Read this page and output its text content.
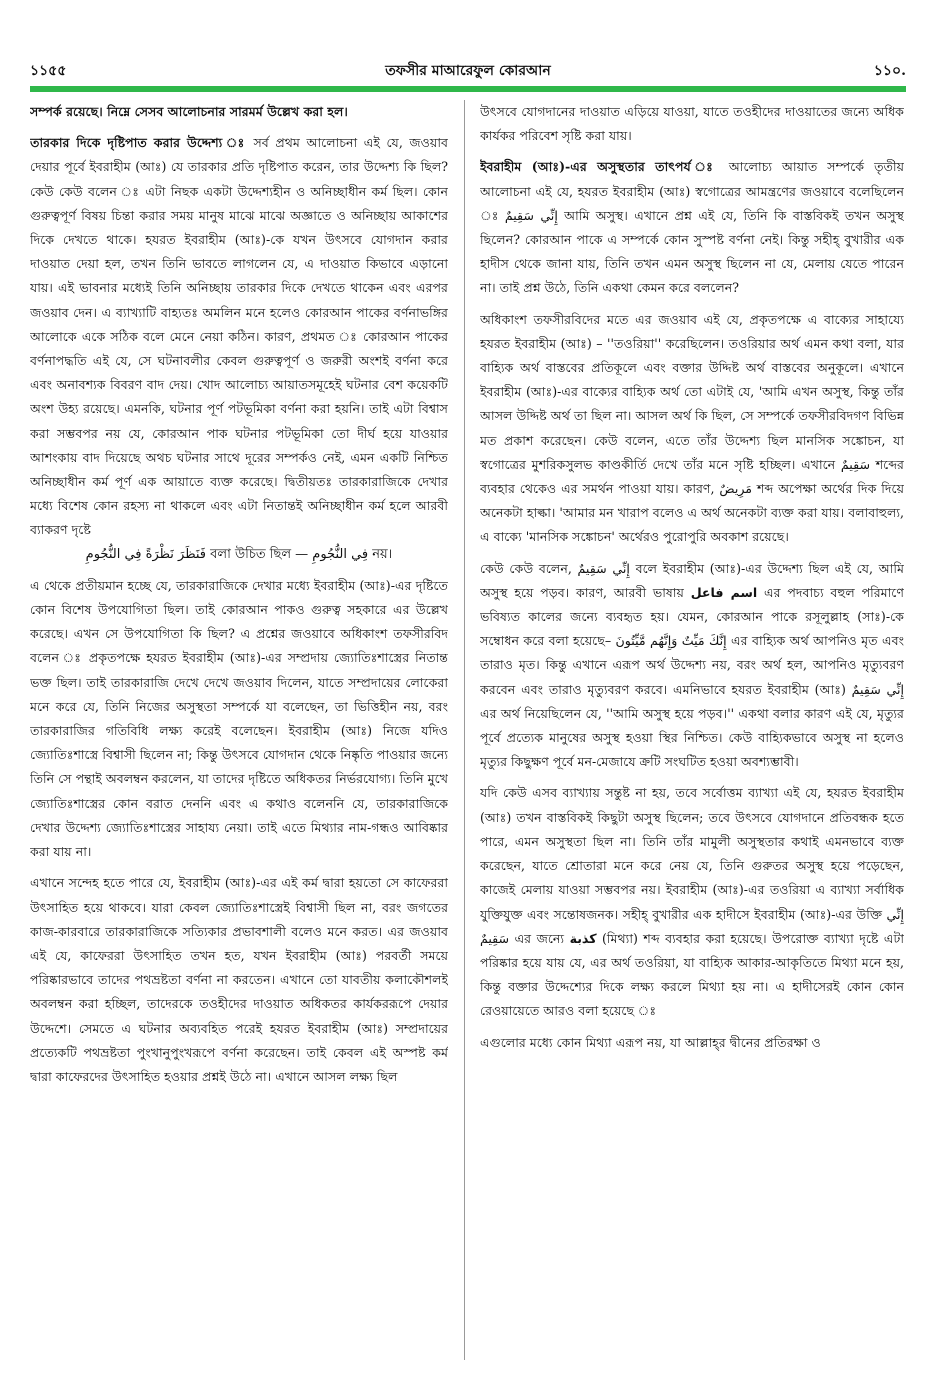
১১৫৫	তফসীর মাআরেফুল কোরআন	১১০.

সম্পর্ক রয়েছে। নিম্নে সেসব আলোচনার সারমর্ম উল্লেখ করা হল।

তারকার দিকে দৃষ্টিপাত করার উদ্দেশ্য ঃ সর্ব প্রথম আলোচনা এই যে, জওয়াব দেয়ার পূর্বে ইবরাহীম (আঃ) যে তারকার প্রতি দৃষ্টিপাত করেন, তার উদ্দেশ্য কি ছিল? কেউ কেউ বলেন ঃ এটা নিছক একটা উদ্দেশ্যহীন ও অনিচ্ছাধীন কর্ম ছিল। কোন গুরুত্বপূর্ণ বিষয় চিন্তা করার সময় মানুষ মাঝে মাঝে অজ্ঞাতে ও অনিচ্ছায় আকাশের দিকে দেখতে থাকে। হযরত ইবরাহীম (আঃ)-কে যখন উৎসবে যোগদান করার দাওয়াত দেয়া হল, তখন তিনি ভাবতে লাগলেন যে, এ দাওয়াত কিভাবে এড়ানো যায়। এই ভাবনার মধ্যেই তিনি অনিচ্ছায় তারকার দিকে দেখতে থাকেন এবং এরপর জওয়াব দেন। এ ব্যাখ্যাটি বাহ্যতঃ অমলিন মনে হলেও কোরআন পাকের বর্ণনাভঙ্গির আলোকে একে সঠিক বলে মেনে নেয়া কঠিন। কারণ, প্রথমত ঃ কোরআন পাকের বর্ণনাপদ্ধতি এই যে, সে ঘটনাবলীর কেবল গুরুত্বপূর্ণ ও জরুরী অংশই বর্ণনা করে এবং অনাবশ্যক বিবরণ বাদ দেয়। খোদ আলোচ্য আয়াতসমূহেই ঘটনার বেশ কয়েকটি অংশ উহ্য রয়েছে। এমনকি, ঘটনার পূর্ণ পটভূমিকা বর্ণনা করা হয়নি। তাই এটা বিশ্বাস করা সম্ভবপর নয় যে, কোরআন পাক ঘটনার পটভূমিকা তো দীর্ঘ হয়ে যাওয়ার আশংকায় বাদ দিয়েছে অথচ ঘটনার সাথে দূরের সম্পর্কও নেই, এমন একটি নিশ্চিত অনিচ্ছাধীন কর্ম পূর্ণ এক আয়াতে ব্যক্ত করেছে। দ্বিতীয়তঃ তারকারাজিকে দেখার মধ্যে বিশেষ কোন রহস্য না থাকলে এবং এটা নিতান্তই অনিচ্ছাধীন কর্ম হলে আরবী ব্যাকরণ দৃষ্টে

فَنَظَرَ نَظْرَةً فِي النُّجُومِ বলা উচিত ছিল — فِي النُّجُومِ নয়।

এ থেকে প্রতীয়মান হচ্ছে যে, তারকারাজিকে দেখার মধ্যে ইবরাহীম (আঃ)-এর দৃষ্টিতে কোন বিশেষ উপযোগিতা ছিল। তাই কোরআন পাকও গুরুত্ব সহকারে এর উল্লেখ করেছে। এখন সে উপযোগিতা কি ছিল? এ প্রশ্নের জওয়াবে অধিকাংশ তফসীরবিদ বলেন ঃ প্রকৃতপক্ষে হযরত ইবরাহীম (আঃ)-এর সম্প্রদায় জ্যোতিঃশাস্ত্রের নিতান্ত ভক্ত ছিল। তাই তারকারাজি দেখে দেখে জওয়াব দিলেন, যাতে সম্প্রদায়ের লোকেরা মনে করে যে, তিনি নিজের অসুস্থতা সম্পর্কে যা বলেছেন, তা ভিত্তিহীন নয়, বরং তারকারাজির গতিবিধি লক্ষ্য করেই বলেছেন। ইবরাহীম (আঃ) নিজে যদিও জ্যোতিঃশাস্ত্রে বিশ্বাসী ছিলেন না; কিন্তু উৎসবে যোগদান থেকে নিষ্কৃতি পাওয়ার জন্যে তিনি সে পন্থাই অবলম্বন করলেন, যা তাদের দৃষ্টিতে অধিকতর নির্ভরযোগ্য। তিনি মুখে জ্যোতিঃশাস্ত্রের কোন বরাত দেননি এবং এ কথাও বলেননি যে, তারকারাজিকে দেখার উদ্দেশ্য জ্যোতিঃশাস্ত্রের সাহায্য নেয়া। তাই এতে মিথ্যার নাম-গন্ধও আবিষ্কার করা যায় না।

এখানে সন্দেহ হতে পারে যে, ইবরাহীম (আঃ)-এর এই কর্ম দ্বারা হয়তো সে কাফেররা উৎসাহিত হয়ে থাকবে। যারা কেবল জ্যোতিঃশাস্ত্রেই বিশ্বাসী ছিল না, বরং জগতের কাজ-কারবারে তারকারাজিকে সত্যিকার প্রভাবশালী বলেও মনে করত। এর জওয়াব এই যে, কাফেররা উৎসাহিত তখন হত, যখন ইবরাহীম (আঃ) পরবর্তী সময়ে পরিষ্কারভাবে তাদের পথভ্রষ্টতা বর্ণনা না করতেন। এখানে তো যাবতীয় কলাকৌশলই অবলম্বন করা হচ্ছিল, তাদেরকে তওহীদের দাওয়াত অধিকতর কার্যকররূপে দেয়ার উদ্দেশে। সেমতে এ ঘটনার অব্যবহিত পরেই হযরত ইবরাহীম (আঃ) সম্প্রদায়ের প্রত্যেকটি পথভ্রষ্টতা পুংখানুপুংখরূপে বর্ণনা করেছেন। তাই কেবল এই অস্পষ্ট কর্ম দ্বারা কাফেরদের উৎসাহিত হওয়ার প্রশ্নই উঠে না। এখানে আসল লক্ষ্য ছিল

উৎসবে যোগদানের দাওয়াত এড়িয়ে যাওয়া, যাতে তওহীদের দাওয়াতের জন্যে অধিক কার্যকর পরিবেশ সৃষ্টি করা যায়।

ইবরাহীম (আঃ)-এর অসুস্থতার তাৎপর্য ঃ আলোচ্য আয়াত সম্পর্কে তৃতীয় আলোচনা এই যে, হযরত ইবরাহীম (আঃ) স্বগোত্রের আমন্ত্রণের জওয়াবে বলেছিলেন ঃ إِنِّي سَقِيمٌ আমি অসুস্থ। এখানে প্রশ্ন এই যে, তিনি কি বাস্তবিকই তখন অসুস্থ ছিলেন? কোরআন পাকে এ সম্পর্কে কোন সুস্পষ্ট বর্ণনা নেই। কিন্তু সহীহ্ বুখারীর এক হাদীস থেকে জানা যায়, তিনি তখন এমন অসুস্থ ছিলেন না যে, মেলায় যেতে পারেন না। তাই প্রশ্ন উঠে, তিনি একথা কেমন করে বললেন?

অধিকাংশ তফসীরবিদের মতে এর জওয়াব এই যে, প্রকৃতপক্ষে এ বাক্যের সাহায্যে হযরত ইবরাহীম (আঃ) – ''তওরিয়া'' করেছিলেন। তওরিয়ার অর্থ এমন কথা বলা, যার বাহ্যিক অর্থ বাস্তবের প্রতিকূলে এবং বক্তার উদ্দিষ্ট অর্থ বাস্তবের অনুকূলে। এখানে ইবরাহীম (আঃ)-এর বাক্যের বাহ্যিক অর্থ তো এটাই যে, 'আমি এখন অসুস্থ, কিন্তু তাঁর আসল উদ্দিষ্ট অর্থ তা ছিল না। আসল অর্থ কি ছিল, সে সম্পর্কে তফসীরবিদগণ বিভিন্ন মত প্রকাশ করেছেন। কেউ বলেন, এতে তাঁর উদ্দেশ্য ছিল মানসিক সঙ্কোচন, যা স্বগোত্রের মুশরিকসুলভ কাণ্ডকীর্তি দেখে তাঁর মনে সৃষ্টি হচ্ছিল। এখানে سَقِيمٌ শব্দের ব্যবহার থেকেও এর সমর্থন পাওয়া যায়। কারণ, مَرِيضٌ শব্দ অপেক্ষা অর্থের দিক দিয়ে অনেকটা হাল্কা। 'আমার মন খারাপ বলেও এ অর্থ অনেকটা ব্যক্ত করা যায়। বলাবাহুল্য, এ বাক্যে 'মানসিক সঙ্কোচন' অর্থেরও পুরোপুরি অবকাশ রয়েছে।

কেউ কেউ বলেন, إِنِّي سَقِيمٌ বলে ইবরাহীম (আঃ)-এর উদ্দেশ্য ছিল এই যে, আমি অসুস্থ হয়ে পড়ব। কারণ, আরবী ভাষায় اسم فاعل এর পদবাচ্য বহুল পরিমাণে ভবিষ্যত কালের জন্যে ব্যবহৃত হয়। যেমন, কোরআন পাকে রসূলুল্লাহ (সাঃ)-কে সম্বোধন করে বলা হয়েছে– إِنَّكَ مَيِّتٌ وَإِنَّهُم مَّيِّتُونَ এর বাহ্যিক অর্থ আপনিও মৃত এবং তারাও মৃত। কিন্তু এখানে এরূপ অর্থ উদ্দেশ্য নয়, বরং অর্থ হল, আপনিও মৃত্যুবরণ করবেন এবং তারাও মৃত্যুবরণ করবে। এমনিভাবে হযরত ইবরাহীম (আঃ) إِنِّي سَقِيمٌ এর অর্থ নিয়েছিলেন যে, ''আমি অসুস্থ হয়ে পড়ব।'' একথা বলার কারণ এই যে, মৃত্যুর পূর্বে প্রত্যেক মানুষের অসুস্থ হওয়া স্থির নিশ্চিত। কেউ বাহ্যিকভাবে অসুস্থ না হলেও মৃত্যুর কিছুক্ষণ পূর্বে মন-মেজাযে ক্রটি সংঘটিত হওয়া অবশ্যম্ভাবী।

যদি কেউ এসব ব্যাখ্যায় সন্তুষ্ট না হয়, তবে সর্বোত্তম ব্যাখ্যা এই যে, হযরত ইবরাহীম (আঃ) তখন বাস্তবিকই কিছুটা অসুস্থ ছিলেন; তবে উৎসবে যোগদানে প্রতিবন্ধক হতে পারে, এমন অসুস্থতা ছিল না। তিনি তাঁর মামুলী অসুস্থতার কথাই এমনভাবে ব্যক্ত করেছেন, যাতে শ্রোতারা মনে করে নেয় যে, তিনি গুরুতর অসুস্থ হয়ে পড়েছেন, কাজেই মেলায় যাওয়া সম্ভবপর নয়। ইবরাহীম (আঃ)-এর তওরিয়া এ ব্যাখ্যা সর্বাধিক যুক্তিযুক্ত এবং সন্তোষজনক। সহীহ্ বুখারীর এক হাদীসে ইবরাহীম (আঃ)-এর উক্তি إِنِّي سَقِيمٌ এর জন্যে كذبة (মিথ্যা) শব্দ ব্যবহার করা হয়েছে। উপরোক্ত ব্যাখ্যা দৃষ্টে এটা পরিষ্কার হয়ে যায় যে, এর অর্থ তওরিয়া, যা বাহ্যিক আকার-আকৃতিতে মিথ্যা মনে হয়, কিন্তু বক্তার উদ্দেশ্যের দিকে লক্ষ্য করলে মিথ্যা হয় না। এ হাদীসেরই কোন কোন রেওয়ায়েতে আরও বলা হয়েছে ঃ

এগুলোর মধ্যে কোন মিথ্যা এরূপ নয়, যা আল্লাহ্‌র দ্বীনের প্রতিরক্ষা ও
